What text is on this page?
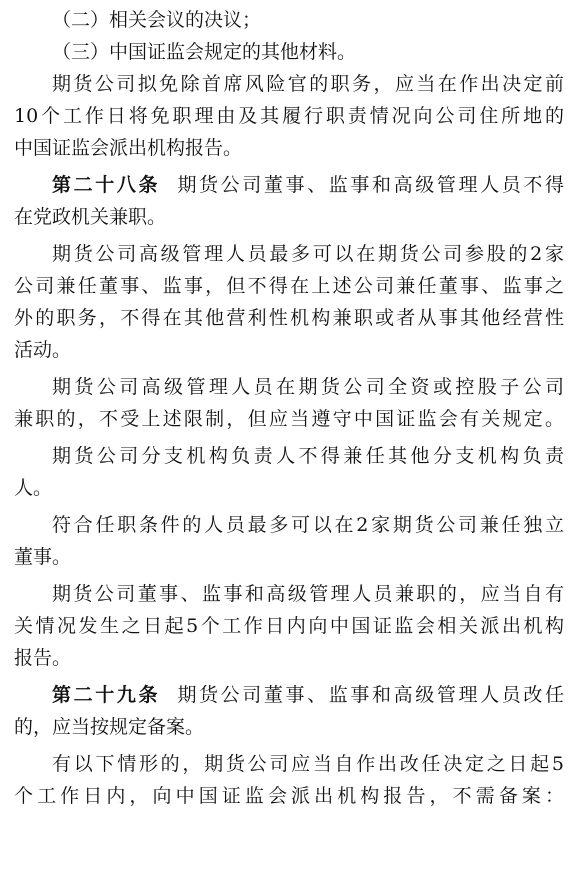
（二）相关会议的决议；
（三）中国证监会规定的其他材料。
期货公司拟免除首席风险官的职务，应当在作出决定前
10个工作日将免职理由及其履行职责情况向公司住所地的
中国证监会派出机构报告。
第二十八条 期货公司董事、监事和高级管理人员不得
在党政机关兼职。
期货公司高级管理人员最多可以在期货公司参股的2家
公司兼任董事、监事，但不得在上述公司兼任董事、监事之
外的职务，不得在其他营利性机构兼职或者从事其他经营性
活动。
期货公司高级管理人员在期货公司全资或控股子公司
兼职的，不受上述限制，但应当遵守中国证监会有关规定。
期货公司分支机构负责人不得兼任其他分支机构负责
人。
符合任职条件的人员最多可以在2家期货公司兼任独立
董事。
期货公司董事、监事和高级管理人员兼职的，应当自有
关情况发生之日起5个工作日内向中国证监会相关派出机构
报告。
第二十九条 期货公司董事、监事和高级管理人员改任
的，应当按规定备案。
有以下情形的，期货公司应当自作出改任决定之日起5
个工作日内，向中国证监会派出机构报告，不需备案：
